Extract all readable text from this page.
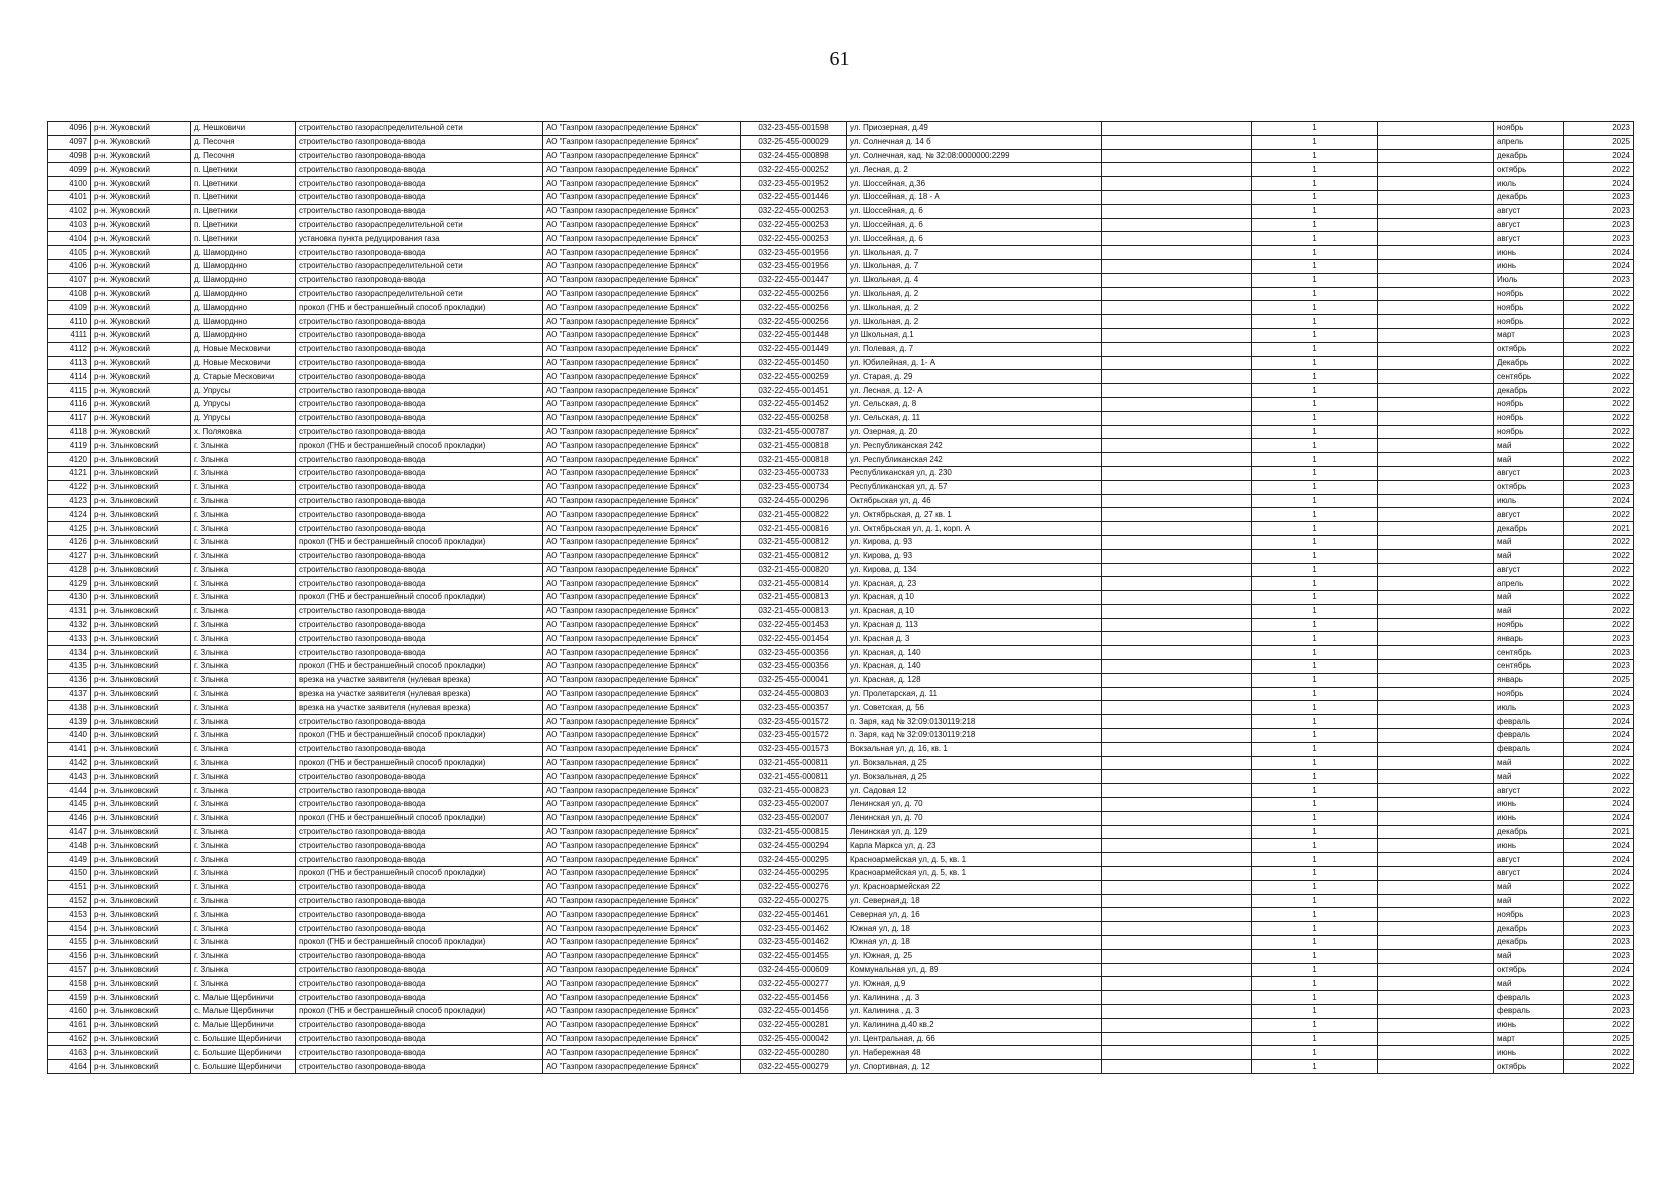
61
4096	р-н. Жуковский	д. Нешковичи	строительство газораспределительной сети	АО "Газпром газораспределение Брянск"	032-23-455-001598	ул. Приозерная, д.49		1		ноябрь	2023
4097	р-н. Жуковский	д. Песочня	строительство газопровода-ввода	АО "Газпром газораспределение Брянск"	032-25-455-000029	ул. Солнечная д. 14 б		1		апрель	2025
4098	р-н. Жуковский	д. Песочня	строительство газопровода-ввода	АО "Газпром газораспределение Брянск"	032-24-455-000898	ул. Солнечная, кад. № 32:08:0000000:2299		1		декабрь	2024
4099	р-н. Жуковский	п. Цветники	строительство газопровода-ввода	АО "Газпром газораспределение Брянск"	032-22-455-000252	ул. Лесная, д. 2		1		октябрь	2022
4100	р-н. Жуковский	п. Цветники	строительство газопровода-ввода	АО "Газпром газораспределение Брянск"	032-23-455-001952	ул. Шоссейная, д.36		1		июль	2024
4101	р-н. Жуковский	п. Цветники	строительство газопровода-ввода	АО "Газпром газораспределение Брянск"	032-22-455-001446	ул. Шоссейная, д. 18 - А		1		декабрь	2023
4102	р-н. Жуковский	п. Цветники	строительство газопровода-ввода	АО "Газпром газораспределение Брянск"	032-22-455-000253	ул. Шоссейная, д. 6		1		август	2023
4103	р-н. Жуковский	п. Цветники	строительство газораспределительной сети	АО "Газпром газораспределение Брянск"	032-22-455-000253	ул. Шоссейная, д. 6		1		август	2023
4104	р-н. Жуковский	п. Цветники	установка пункта редуцирования газа	АО "Газпром газораспределение Брянск"	032-22-455-000253	ул. Шоссейная, д. 6		1		август	2023
4105	р-н. Жуковский	д. Шаморднно	строительство газопровода-ввода	АО "Газпром газораспределение Брянск"	032-23-455-001956	ул. Школьная, д. 7		1		июнь	2024
4106	р-н. Жуковский	д. Шаморднно	строительство газораспределительной сети	АО "Газпром газораспределение Брянск"	032-23-455-001956	ул. Школьная, д. 7		1		июнь	2024
4107	р-н. Жуковский	д. Шаморднно	строительство газопровода-ввода	АО "Газпром газораспределение Брянск"	032-22-455-001447	ул. Школьная, д. 4		1		Июль	2023
4108	р-н. Жуковский	д. Шаморднно	строительство газораспределительной сети	АО "Газпром газораспределение Брянск"	032-22-455-000256	ул. Школьная, д. 2		1		ноябрь	2022
4109	р-н. Жуковский	д. Шаморднно	прокол (ГНБ и бестраншейный способ прокладки)	АО "Газпром газораспределение Брянск"	032-22-455-000256	ул. Школьная, д. 2		1		ноябрь	2022
4110	р-н. Жуковский	д. Шаморднно	строительство газопровода-ввода	АО "Газпром газораспределение Брянск"	032-22-455-000256	ул. Школьная, д. 2		1		ноябрь	2022
4111	р-н. Жуковский	д. Шаморднно	строительство газопровода-ввода	АО "Газпром газораспределение Брянск"	032-22-455-001448	ул Школьная, д.1		1		март	2023
4112	р-н. Жуковский	д. Новые Месковичи	строительство газопровода-ввода	АО "Газпром газораспределение Брянск"	032-22-455-001449	ул. Полевая, д. 7		1		октябрь	2022
4113	р-н. Жуковский	д. Новые Месковичи	строительство газопровода-ввода	АО "Газпром газораспределение Брянск"	032-22-455-001450	ул. Юбилейная, д. 1- А		1		Декабрь	2022
4114	р-н. Жуковский	д. Старые Месковичи	строительство газопровода-ввода	АО "Газпром газораспределение Брянск"	032-22-455-000259	ул. Старая, д. 29		1		сентябрь	2022
4115	р-н. Жуковский	д. Упрусы	строительство газопровода-ввода	АО "Газпром газораспределение Брянск"	032-22-455-001451	ул. Лесная, д. 12- А		1		декабрь	2022
4116	р-н. Жуковский	д. Упрусы	строительство газопровода-ввода	АО "Газпром газораспределение Брянск"	032-22-455-001452	ул. Сельская, д. 8		1		ноябрь	2022
4117	р-н. Жуковский	д. Упрусы	строительство газопровода-ввода	АО "Газпром газораспределение Брянск"	032-22-455-000258	ул. Сельская, д. 11		1		ноябрь	2022
4118	р-н. Жуковский	х. Поляковка	строительство газопровода-ввода	АО "Газпром газораспределение Брянск"	032-21-455-000787	ул. Озерная, д. 20		1		ноябрь	2022
4119	р-н. Злынковский	г. Злынка	прокол (ГНБ и бестраншейный способ прокладки)	АО "Газпром газораспределение Брянск"	032-21-455-000818	ул. Республиканская 242		1		май	2022
4120	р-н. Злынковский	г. Злынка	строительство газопровода-ввода	АО "Газпром газораспределение Брянск"	032-21-455-000818	ул. Республиканская 242		1		май	2022
4121	р-н. Злынковский	г. Злынка	строительство газопровода-ввода	АО "Газпром газораспределение Брянск"	032-23-455-000733	Республиканская ул, д. 230		1		август	2023
4122	р-н. Злынковский	г. Злынка	строительство газопровода-ввода	АО "Газпром газораспределение Брянск"	032-23-455-000734	Республиканская ул, д. 57		1		октябрь	2023
4123	р-н. Злынковский	г. Злынка	строительство газопровода-ввода	АО "Газпром газораспределение Брянск"	032-24-455-000296	Октябрьская ул, д. 46		1		июль	2024
4124	р-н. Злынковский	г. Злынка	строительство газопровода-ввода	АО "Газпром газораспределение Брянск"	032-21-455-000822	ул. Октябрьская, д. 27 кв. 1		1		август	2022
4125	р-н. Злынковский	г. Злынка	строительство газопровода-ввода	АО "Газпром газораспределение Брянск"	032-21-455-000816	ул. Октябрьская ул, д. 1, корп. А		1		декабрь	2021
4126	р-н. Злынковский	г. Злынка	прокол (ГНБ и бестраншейный способ прокладки)	АО "Газпром газораспределение Брянск"	032-21-455-000812	ул. Кирова, д. 93		1		май	2022
4127	р-н. Злынковский	г. Злынка	строительство газопровода-ввода	АО "Газпром газораспределение Брянск"	032-21-455-000812	ул. Кирова, д. 93		1		май	2022
4128	р-н. Злынковский	г. Злынка	строительство газопровода-ввода	АО "Газпром газораспределение Брянск"	032-21-455-000820	ул. Кирова, д. 134		1		август	2022
4129	р-н. Злынковский	г. Злынка	строительство газопровода-ввода	АО "Газпром газораспределение Брянск"	032-21-455-000814	ул. Красная, д. 23		1		апрель	2022
4130	р-н. Злынковский	г. Злынка	прокол (ГНБ и бестраншейный способ прокладки)	АО "Газпром газораспределение Брянск"	032-21-455-000813	ул. Красная, д 10		1		май	2022
4131	р-н. Злынковский	г. Злынка	строительство газопровода-ввода	АО "Газпром газораспределение Брянск"	032-21-455-000813	ул. Красная, д 10		1		май	2022
4132	р-н. Злынковский	г. Злынка	строительство газопровода-ввода	АО "Газпром газораспределение Брянск"	032-22-455-001453	ул. Красная д. 113		1		ноябрь	2022
4133	р-н. Злынковский	г. Злынка	строительство газопровода-ввода	АО "Газпром газораспределение Брянск"	032-22-455-001454	ул. Красная д. 3		1		январь	2023
4134	р-н. Злынковский	г. Злынка	строительство газопровода-ввода	АО "Газпром газораспределение Брянск"	032-23-455-000356	ул. Красная, д. 140		1		сентябрь	2023
4135	р-н. Злынковский	г. Злынка	прокол (ГНБ и бестраншейный способ прокладки)	АО "Газпром газораспределение Брянск"	032-23-455-000356	ул. Красная, д. 140		1		сентябрь	2023
4136	р-н. Злынковский	г. Злынка	врезка на участке заявителя (нулевая врезка)	АО "Газпром газораспределение Брянск"	032-25-455-000041	ул. Красная, д. 128		1		январь	2025
4137	р-н. Злынковский	г. Злынка	врезка на участке заявителя (нулевая врезка)	АО "Газпром газораспределение Брянск"	032-24-455-000803	ул. Пролетарская, д. 11		1		ноябрь	2024
4138	р-н. Злынковский	г. Злынка	врезка на участке заявителя (нулевая врезка)	АО "Газпром газораспределение Брянск"	032-23-455-000357	ул. Советская, д. 56		1		июль	2023
4139	р-н. Злынковский	г. Злынка	строительство газопровода-ввода	АО "Газпром газораспределение Брянск"	032-23-455-001572	п. Заря, кад № 32:09:0130119:218		1		февраль	2024
4140	р-н. Злынковский	г. Злынка	прокол (ГНБ и бестраншейный способ прокладки)	АО "Газпром газораспределение Брянск"	032-23-455-001572	п. Заря, кад № 32:09:0130119:218		1		февраль	2024
4141	р-н. Злынковский	г. Злынка	строительство газопровода-ввода	АО "Газпром газораспределение Брянск"	032-23-455-001573	Вокзальная ул, д. 16, кв. 1		1		февраль	2024
4142	р-н. Злынковский	г. Злынка	прокол (ГНБ и бестраншейный способ прокладки)	АО "Газпром газораспределение Брянск"	032-21-455-000811	ул. Вокзальная, д 25		1		май	2022
4143	р-н. Злынковский	г. Злынка	строительство газопровода-ввода	АО "Газпром газораспределение Брянск"	032-21-455-000811	ул. Вокзальная, д 25		1		май	2022
4144	р-н. Злынковский	г. Злынка	строительство газопровода-ввода	АО "Газпром газораспределение Брянск"	032-21-455-000823	ул. Садовая 12		1		август	2022
4145	р-н. Злынковский	г. Злынка	строительство газопровода-ввода	АО "Газпром газораспределение Брянск"	032-23-455-002007	Ленинская ул, д. 70		1		июнь	2024
4146	р-н. Злынковский	г. Злынка	прокол (ГНБ и бестраншейный способ прокладки)	АО "Газпром газораспределение Брянск"	032-23-455-002007	Ленинская ул, д. 70		1		июнь	2024
4147	р-н. Злынковский	г. Злынка	строительство газопровода-ввода	АО "Газпром газораспределение Брянск"	032-21-455-000815	Ленинская ул, д. 129		1		декабрь	2021
4148	р-н. Злынковский	г. Злынка	строительство газопровода-ввода	АО "Газпром газораспределение Брянск"	032-24-455-000294	Карла Маркса ул, д. 23		1		июнь	2024
4149	р-н. Злынковский	г. Злынка	строительство газопровода-ввода	АО "Газпром газораспределение Брянск"	032-24-455-000295	Красноармейская ул, д. 5, кв. 1		1		август	2024
4150	р-н. Злынковский	г. Злынка	прокол (ГНБ и бестраншейный способ прокладки)	АО "Газпром газораспределение Брянск"	032-24-455-000295	Красноармейская ул, д. 5, кв. 1		1		август	2024
4151	р-н. Злынковский	г. Злынка	строительство газопровода-ввода	АО "Газпром газораспределение Брянск"	032-22-455-000276	ул. Красноармейская 22		1		май	2022
4152	р-н. Злынковский	г. Злынка	строительство газопровода-ввода	АО "Газпром газораспределение Брянск"	032-22-455-000275	ул. Северная,д. 18		1		май	2022
4153	р-н. Злынковский	г. Злынка	строительство газопровода-ввода	АО "Газпром газораспределение Брянск"	032-22-455-001461	Северная ул, д. 16		1		ноябрь	2023
4154	р-н. Злынковский	г. Злынка	строительство газопровода-ввода	АО "Газпром газораспределение Брянск"	032-23-455-001462	Южная ул, д. 18		1		декабрь	2023
4155	р-н. Злынковский	г. Злынка	прокол (ГНБ и бестраншейный способ прокладки)	АО "Газпром газораспределение Брянск"	032-23-455-001462	Южная ул, д. 18		1		декабрь	2023
4156	р-н. Злынковский	г. Злынка	строительство газопровода-ввода	АО "Газпром газораспределение Брянск"	032-22-455-001455	ул. Южная, д. 25		1		май	2023
4157	р-н. Злынковский	г. Злынка	строительство газопровода-ввода	АО "Газпром газораспределение Брянск"	032-24-455-000609	Коммунальная ул, д. 89		1		октябрь	2024
4158	р-н. Злынковский	г. Злынка	строительство газопровода-ввода	АО "Газпром газораспределение Брянск"	032-22-455-000277	ул. Южная, д.9		1		май	2022
4159	р-н. Злынковский	с. Малые Щербиничи	строительство газопровода-ввода	АО "Газпром газораспределение Брянск"	032-22-455-001456	ул. Калинина , д. 3		1		февраль	2023
4160	р-н. Злынковский	с. Малые Щербиничи	прокол (ГНБ и бестраншейный способ прокладки)	АО "Газпром газораспределение Брянск"	032-22-455-001456	ул. Калинина , д. 3		1		февраль	2023
4161	р-н. Злынковский	с. Малые Щербиничи	строительство газопровода-ввода	АО "Газпром газораспределение Брянск"	032-22-455-000281	ул. Калинина д.40 кв.2		1		июнь	2022
4162	р-н. Злынковский	с. Большие Щербиничи	строительство газопровода-ввода	АО "Газпром газораспределение Брянск"	032-25-455-000042	ул. Центральная, д. 66		1		март	2025
4163	р-н. Злынковский	с. Большие Щербиничи	строительство газопровода-ввода	АО "Газпром газораспределение Брянск"	032-22-455-000280	ул. Набережная 48		1		июнь	2022
4164	р-н. Злынковский	с. Большие Щербиничи	строительство газопровода-ввода	АО "Газпром газораспределение Брянск"	032-22-455-000279	ул. Спортивная, д. 12		1		октябрь	2022
